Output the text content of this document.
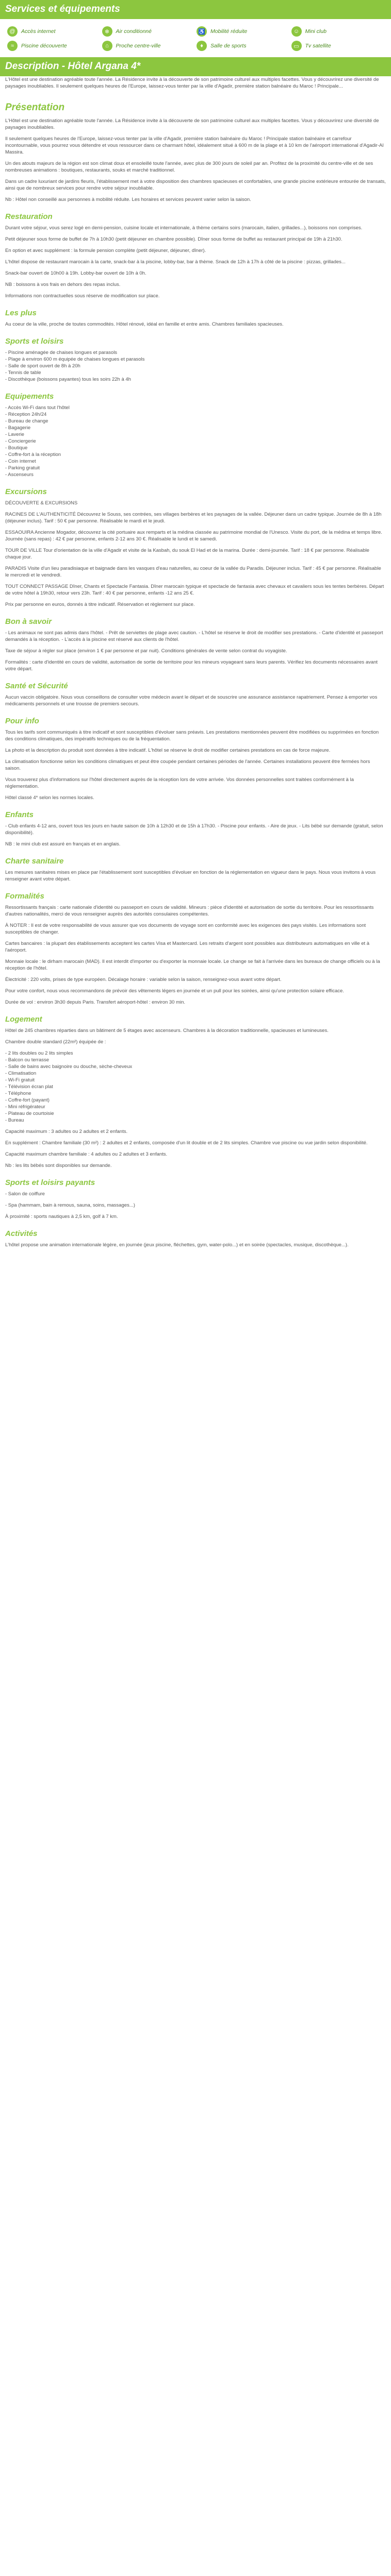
Services et équipements
@	Accès internet	❄	Air conditionné	♿ Mobilité réduite	☺	Mini club
≈	Piscine découverte	⌂	Proche centre-ville	♦	Salle de sports	▭	Tv satellite
Description - Hôtel Argana 4*

L'Hôtel est une destination agréable toute l'année. La Résidence invite à la découverte de son patrimoine culturel aux multiples facettes. Vous y découvrirez une diversité de paysages inoubliables. Il seulement quelques heures de l'Europe, laissez-vous tenter par la ville d'Agadir, première station balnéaire du Maroc ! Principale...

Présentation

L'Hôtel est une destination agréable toute l'année. La Résidence invite à la découverte de son patrimoine culturel aux multiples facettes. Vous y découvrirez une diversité de paysages inoubliables.

Il seulement quelques heures de l'Europe, laissez-vous tenter par la ville d'Agadir, première station balnéaire du Maroc ! Principale station balnéaire et carrefour incontournable, vous pourrez vous détendre et vous ressourcer dans ce charmant hôtel, idéalement situé à 600 m de la plage et à 10 km de l'aéroport international d'Agadir-Al Massira.

Un des atouts majeurs de la région est son climat doux et ensoleillé toute l'année, avec plus de 300 jours de soleil par an. Profitez de la proximité du centre-ville et de ses nombreuses animations : boutiques, restaurants, souks et marché traditionnel.

Dans un cadre luxuriant de jardins fleuris, l'établissement met à votre disposition des chambres spacieuses et confortables, une grande piscine extérieure entourée de transats, ainsi que de nombreux services pour rendre votre séjour inoubliable.

Nb : Hôtel non conseillé aux personnes à mobilité réduite. Les horaires et services peuvent varier selon la saison.

Restauration

Durant votre séjour, vous serez logé en demi-pension, cuisine locale et internationale, à thème certains soirs (marocain, italien, grillades...), boissons non comprises.

Petit déjeuner sous forme de buffet de 7h à 10h30 (petit déjeuner en chambre possible). Dîner sous forme de buffet au restaurant principal de 19h à 21h30.

En option et avec supplément : la formule pension complète (petit déjeuner, déjeuner, dîner).

L'hôtel dispose de restaurant marocain à la carte, snack-bar à la piscine, lobby-bar, bar à thème. Snack de 12h à 17h à côté de la piscine : pizzas, grillades...

Snack-bar ouvert de 10h00 à 19h. Lobby-bar ouvert de 10h à 0h.

NB : boissons à vos frais en dehors des repas inclus.

Informations non contractuelles sous réserve de modification sur place.

Les plus

Au coeur de la ville, proche de toutes commodités. Hôtel rénové, idéal en famille et entre amis. Chambres familiales spacieuses.

Sports et loisirs
- Piscine aménagée de chaises longues et parasols
- Plage à environ 600 m équipée de chaises longues et parasols
- Salle de sport ouvert de 8h à 20h
- Tennis de table
- Discothèque (boissons payantes) tous les soirs 22h à 4h
Equipements
- Accès Wi-Fi dans tout l'hôtel
- Réception 24h/24
- Bureau de change
- Bagagerie
- Laverie
- Conciergerie
- Boutique
- Coffre-fort à la réception
- Coin internet
- Parking gratuit
- Ascenseurs
Excursions

DÉCOUVERTE & EXCURSIONS

RACINES DE L'AUTHENTICITÉ Découvrez le Souss, ses contrées, ses villages berbères et les paysages de la vallée. Déjeuner dans un cadre typique. Journée de 8h à 18h (déjeuner inclus). Tarif : 50 € par personne. Réalisable le mardi et le jeudi.

ESSAOUIRA Ancienne Mogador, découvrez la cité portuaire aux remparts et la médina classée au patrimoine mondial de l'Unesco. Visite du port, de la médina et temps libre. Journée (sans repas) : 42 € par personne, enfants 2-12 ans 30 €. Réalisable le lundi et le samedi.

TOUR DE VILLE Tour d'orientation de la ville d'Agadir et visite de la Kasbah, du souk El Had et de la marina. Durée : demi-journée. Tarif : 18 € par personne. Réalisable chaque jour.

PARADIS Visite d'un lieu paradisiaque et baignade dans les vasques d'eau naturelles, au coeur de la vallée du Paradis. Déjeuner inclus. Tarif : 45 € par personne. Réalisable le mercredi et le vendredi.

TOUT CONNECT PASSAGE Dîner, Chants et Spectacle Fantasia. Dîner marocain typique et spectacle de fantasia avec chevaux et cavaliers sous les tentes berbères. Départ de votre hôtel à 19h30, retour vers 23h. Tarif : 40 € par personne, enfants -12 ans 25 €.

Prix par personne en euros, donnés à titre indicatif. Réservation et règlement sur place.

Bon à savoir

- Les animaux ne sont pas admis dans l'hôtel. - Prêt de serviettes de plage avec caution. - L'hôtel se réserve le droit de modifier ses prestations. - Carte d'identité et passeport demandés à la réception. - L'accès à la piscine est réservé aux clients de l'hôtel.

Taxe de séjour à régler sur place (environ 1 € par personne et par nuit). Conditions générales de vente selon contrat du voyagiste.

Formalités : carte d'identité en cours de validité, autorisation de sortie de territoire pour les mineurs voyageant sans leurs parents. Vérifiez les documents nécessaires avant votre départ.

Santé et Sécurité

Aucun vaccin obligatoire. Nous vous conseillons de consulter votre médecin avant le départ et de souscrire une assurance assistance rapatriement. Pensez à emporter vos médicaments personnels et une trousse de premiers secours.

Pour info

Tous les tarifs sont communiqués à titre indicatif et sont susceptibles d'évoluer sans préavis. Les prestations mentionnées peuvent être modifiées ou supprimées en fonction des conditions climatiques, des impératifs techniques ou de la fréquentation.

La photo et la description du produit sont données à titre indicatif. L'hôtel se réserve le droit de modifier certaines prestations en cas de force majeure.

La climatisation fonctionne selon les conditions climatiques et peut être coupée pendant certaines périodes de l'année. Certaines installations peuvent être fermées hors saison.

Vous trouverez plus d'informations sur l'hôtel directement auprès de la réception lors de votre arrivée. Vos données personnelles sont traitées conformément à la réglementation.

Hôtel classé 4* selon les normes locales.

Enfants

- Club enfants 4-12 ans, ouvert tous les jours en haute saison de 10h à 12h30 et de 15h à 17h30. - Piscine pour enfants. - Aire de jeux. - Lits bébé sur demande (gratuit, selon disponibilité).

NB : le mini club est assuré en français et en anglais.

Charte sanitaire

Les mesures sanitaires mises en place par l'établissement sont susceptibles d'évoluer en fonction de la réglementation en vigueur dans le pays. Nous vous invitons à vous renseigner avant votre départ.

Formalités

Ressortissants français : carte nationale d'identité ou passeport en cours de validité. Mineurs : pièce d'identité et autorisation de sortie du territoire. Pour les ressortissants d'autres nationalités, merci de vous renseigner auprès des autorités consulaires compétentes.

À NOTER : Il est de votre responsabilité de vous assurer que vos documents de voyage sont en conformité avec les exigences des pays visités. Les informations sont susceptibles de changer.

Cartes bancaires : la plupart des établissements acceptent les cartes Visa et Mastercard. Les retraits d'argent sont possibles aux distributeurs automatiques en ville et à l'aéroport.

Monnaie locale : le dirham marocain (MAD). Il est interdit d'importer ou d'exporter la monnaie locale. Le change se fait à l'arrivée dans les bureaux de change officiels ou à la réception de l'hôtel.

Électricité : 220 volts, prises de type européen. Décalage horaire : variable selon la saison, renseignez-vous avant votre départ.

Pour votre confort, nous vous recommandons de prévoir des vêtements légers en journée et un pull pour les soirées, ainsi qu'une protection solaire efficace.

Durée de vol : environ 3h30 depuis Paris. Transfert aéroport-hôtel : environ 30 min.

Logement

Hôtel de 245 chambres réparties dans un bâtiment de 5 étages avec ascenseurs. Chambres à la décoration traditionnelle, spacieuses et lumineuses.

Chambre double standard (22m²) équipée de :

- 2 lits doubles ou 2 lits simples
- Balcon ou terrasse
- Salle de bains avec baignoire ou douche, sèche-cheveux
- Climatisation
- Wi-Fi gratuit
- Télévision écran plat
- Téléphone
- Coffre-fort (payant)
- Mini réfrigérateur
- Plateau de courtoisie
- Bureau

Capacité maximum : 3 adultes ou 2 adultes et 2 enfants.

En supplément : Chambre familiale (30 m²) : 2 adultes et 2 enfants, composée d'un lit double et de 2 lits simples. Chambre vue piscine ou vue jardin selon disponibilité.

Capacité maximum chambre familiale : 4 adultes ou 2 adultes et 3 enfants.

Nb : les lits bébés sont disponibles sur demande.

Sports et loisirs payants

- Salon de coiffure

- Spa (hammam, bain à remous, sauna, soins, massages...)

À proximité : sports nautiques à 2,5 km, golf à 7 km.

Activités

L'hôtel propose une animation internationale légère, en journée (jeux piscine, fléchettes, gym, water-polo...) et en soirée (spectacles, musique, discothèque...).
